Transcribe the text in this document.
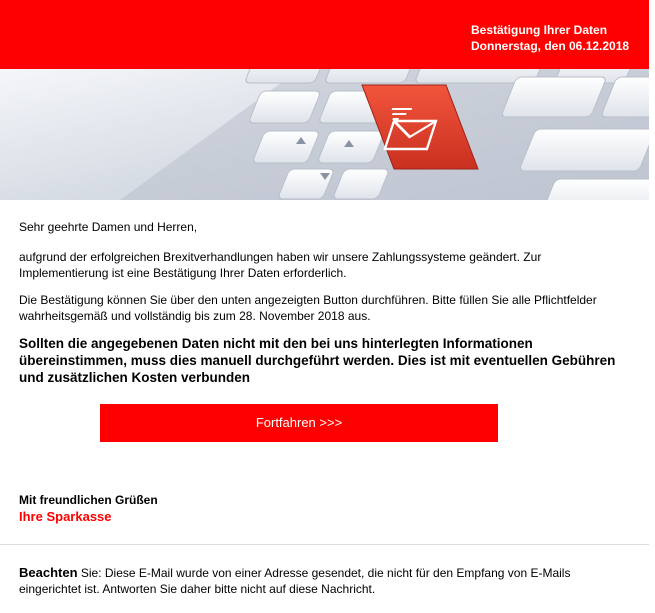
Bestätigung Ihrer Daten
Donnerstag, den 06.12.2018

Sehr geehrte Damen und Herren,

aufgrund der erfolgreichen Brexitverhandlungen haben wir unsere Zahlungssysteme geändert. Zur Implementierung ist eine Bestätigung Ihrer Daten erforderlich.

Die Bestätigung können Sie über den unten angezeigten Button durchführen. Bitte füllen Sie alle Pflichtfelder wahrheitsgemäß und vollständig bis zum 28. November 2018 aus.

Sollten die angegebenen Daten nicht mit den bei uns hinterlegten Informationen übereinstimmen, muss dies manuell durchgeführt werden. Dies ist mit eventuellen Gebühren und zusätzlichen Kosten verbunden

Fortfahren >>>
Mit freundlichen Grüßen
Ihre Sparkasse
Beachten Sie: Diese E-Mail wurde von einer Adresse gesendet, die nicht für den Empfang von E-Mails eingerichtet ist. Antworten Sie daher bitte nicht auf diese Nachricht.
